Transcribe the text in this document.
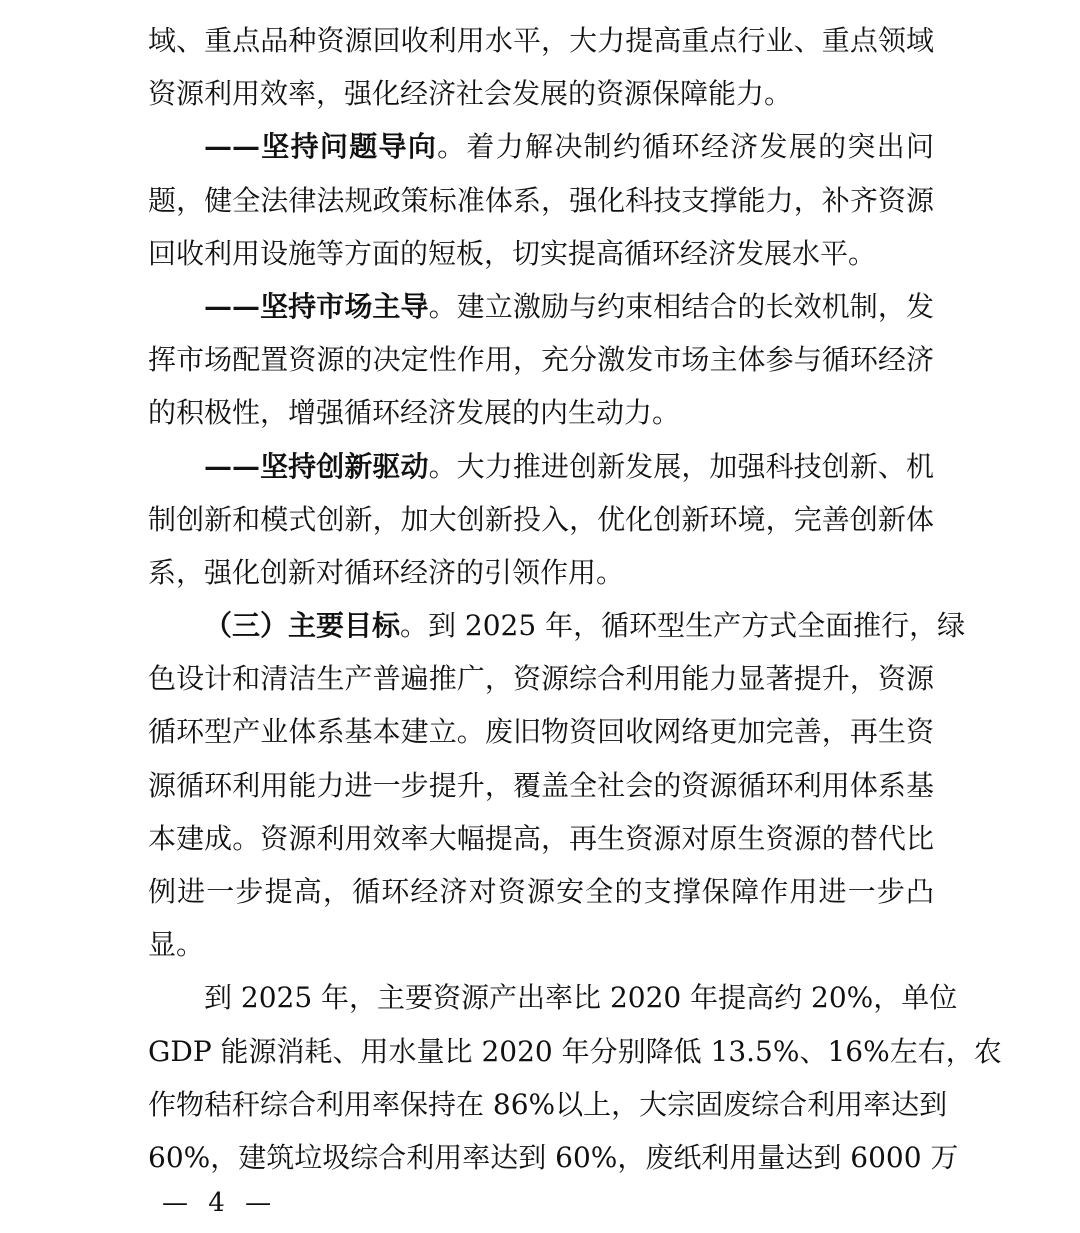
域、重点品种资源回收利用水平，大力提高重点行业、重点领域
资源利用效率，强化经济社会发展的资源保障能力。
——坚持问题导向。着力解决制约循环经济发展的突出问
题，健全法律法规政策标准体系，强化科技支撑能力，补齐资源
回收利用设施等方面的短板，切实提高循环经济发展水平。
——坚持市场主导。建立激励与约束相结合的长效机制，发
挥市场配置资源的决定性作用，充分激发市场主体参与循环经济
的积极性，增强循环经济发展的内生动力。
——坚持创新驱动。大力推进创新发展，加强科技创新、机
制创新和模式创新，加大创新投入，优化创新环境，完善创新体
系，强化创新对循环经济的引领作用。
（三）主要目标。到 2025 年，循环型生产方式全面推行，绿
色设计和清洁生产普遍推广，资源综合利用能力显著提升，资源
循环型产业体系基本建立。废旧物资回收网络更加完善，再生资
源循环利用能力进一步提升，覆盖全社会的资源循环利用体系基
本建成。资源利用效率大幅提高，再生资源对原生资源的替代比
例进一步提高，循环经济对资源安全的支撑保障作用进一步凸
显。
到 2025 年，主要资源产出率比 2020 年提高约 20%，单位
GDP 能源消耗、用水量比 2020 年分别降低 13.5%、16%左右，农
作物秸秆综合利用率保持在 86%以上，大宗固废综合利用率达到
60%，建筑垃圾综合利用率达到 60%，废纸利用量达到 6000 万
— 4 —
